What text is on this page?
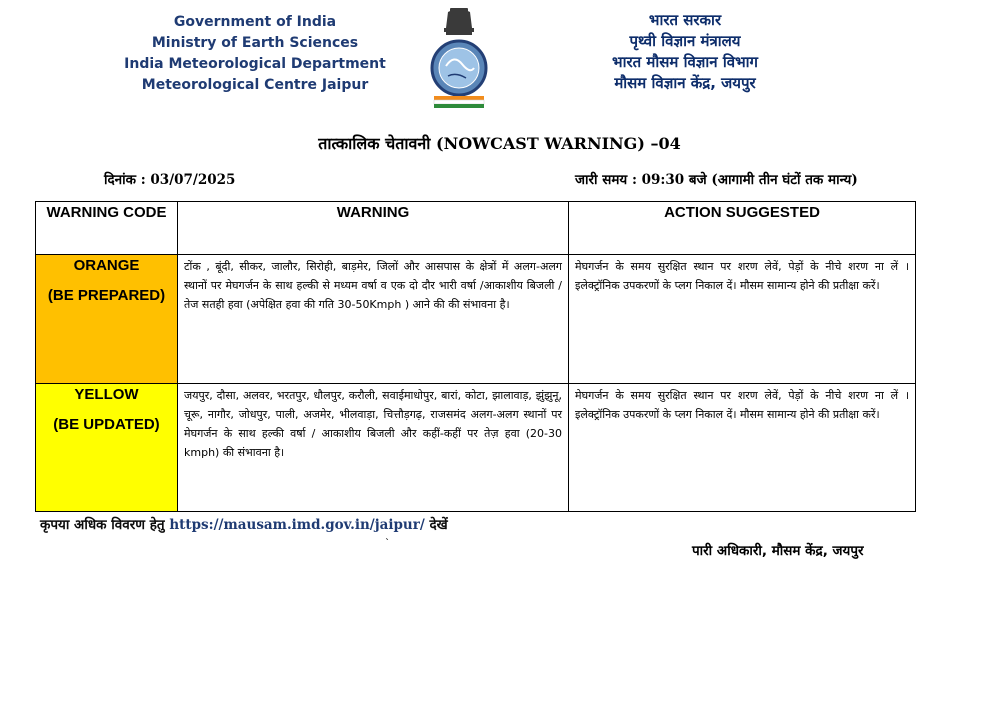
Government of India
Ministry of Earth Sciences
India Meteorological Department
Meteorological Centre Jaipur
भारत सरकार
पृथ्वी विज्ञान मंत्रालय
भारत मौसम विज्ञान विभाग
मौसम विज्ञान केंद्र, जयपुर
तात्कालिक चेतावनी (NOWCAST WARNING) –04
दिनांक : 03/07/2025	जारी समय : 09:30 बजे (आगामी तीन घंटों तक मान्य)
WARNING CODE	WARNING	ACTION SUGGESTED

ORANGE
(BE PREPARED)	टोंक , बूंदी, सीकर, जालौर, सिरोही, बाड़मेर, जिलों और आसपास के क्षेत्रों में अलग-अलग स्थानों पर मेघगर्जन के साथ हल्की से मध्यम वर्षा व एक दो दौर भारी वर्षा /आकाशीय बिजली / तेज सतही हवा (अपेक्षित हवा की गति 30-50Kmph ) आने की की संभावना है।	मेघगर्जन के समय सुरक्षित स्थान पर शरण लेवें, पेड़ों के नीचे शरण ना लें । इलेक्ट्रॉनिक उपकरणों के प्लग निकाल दें। मौसम सामान्य होने की प्रतीक्षा करें।

YELLOW
(BE UPDATED)	जयपुर, दौसा, अलवर, भरतपुर, धौलपुर, करौली, सवाईमाधोपुर, बारां, कोटा, झालावाड़, झुंझुनू, चूरू, नागौर, जोधपुर, पाली, अजमेर, भीलवाड़ा, चित्तौड़गढ़, राजसमंद अलग-अलग स्थानों पर मेघगर्जन के साथ हल्की वर्षा / आकाशीय बिजली और कहीं-कहीं पर तेज़ हवा (20-30 kmph) की संभावना है।	मेघगर्जन के समय सुरक्षित स्थान पर शरण लेवें, पेड़ों के नीचे शरण ना लें । इलेक्ट्रॉनिक उपकरणों के प्लग निकाल दें। मौसम सामान्य होने की प्रतीक्षा करें।
कृपया अधिक विवरण हेतु https://mausam.imd.gov.in/jaipur/ देखें
`	पारी अधिकारी, मौसम केंद्र, जयपुर
